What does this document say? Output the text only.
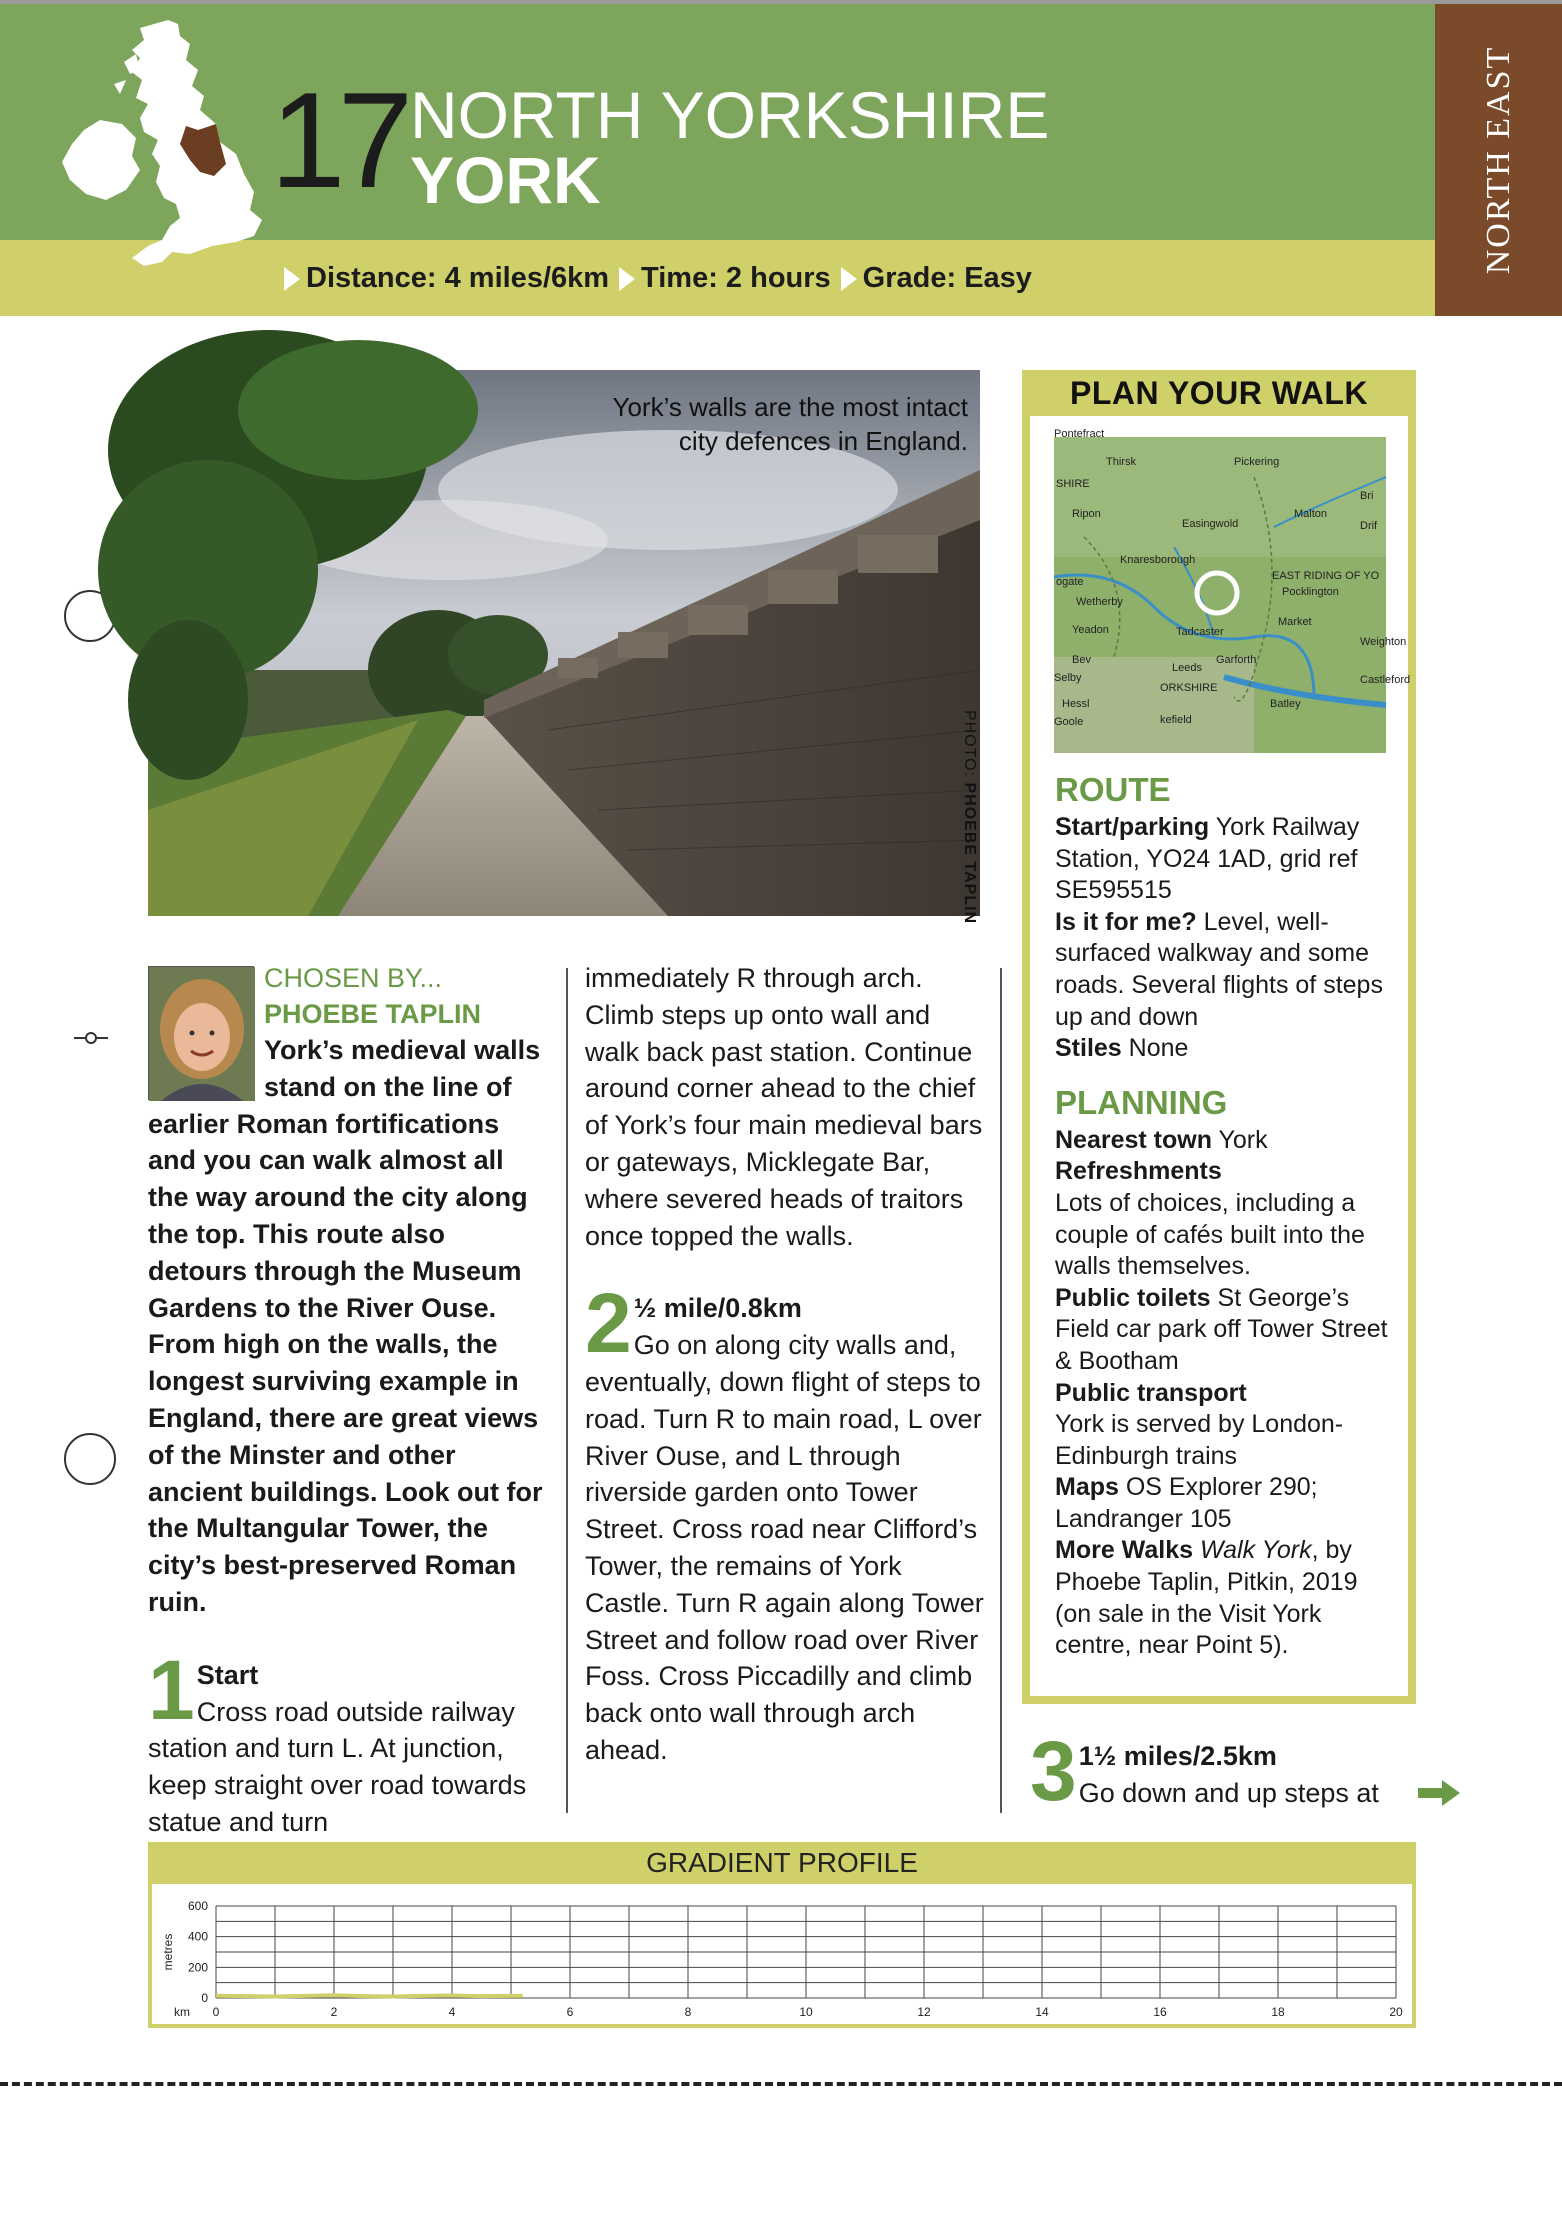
NORTH EAST
17 NORTH YORKSHIRE
YORK
Distance: 4 miles/6km Time: 2 hours Grade: Easy
York’s walls are the most intact
city defences in England.
PHOTO: PHOEBE TAPLIN
CHOSEN BY...
PHOEBE TAPLIN
York’s medieval walls stand on the line of earlier Roman fortifications and you can walk almost all the way around the city along the top. This route also detours through the Museum Gardens to the River Ouse. From high on the walls, the longest surviving example in England, there are great views of the Minster and other ancient buildings. Look out for the Multangular Tower, the city’s best-preserved Roman ruin.
1 Start
Cross road outside railway station and turn L. At junction, keep straight over road towards statue and turn
immediately R through arch. Climb steps up onto wall and walk back past station. Continue around corner ahead to the chief of York’s four main medieval bars or gateways, Micklegate Bar, where severed heads of traitors once topped the walls.
2 ½ mile/0.8km
Go on along city walls and, eventually, down flight of steps to road. Turn R to main road, L over River Ouse, and L through riverside garden onto Tower Street. Cross road near Clifford’s Tower, the remains of York Castle. Turn R again along Tower Street and follow road over River Foss. Cross Piccadilly and climb back onto wall through arch ahead.
PLAN YOUR WALK
Thirsk	Pickering
SHIRE
Ripon
Easingwold
Malton
Bri
Drif
ogate
Knaresborough
EAST RIDING OF YO
Wetherby
Pocklington
Yeadon	Tadcaster
Market
Weighton
Bev
Leeds
Garforth
Selby
ORKSHIRE
Castleford
Hessl	Batley
Goole	kefield
Pontefract
ROUTE
Start/parking York Railway Station, YO24 1AD, grid ref SE595515
Is it for me? Level, well-surfaced walkway and some roads. Several flights of steps up and down
Stiles None
PLANNING
Nearest town York
Refreshments
Lots of choices, including a couple of cafés built into the walls themselves.
Public toilets St George’s Field car park off Tower Street & Bootham
Public transport
York is served by London-Edinburgh trains
Maps OS Explorer 290; Landranger 105
More Walks Walk York, by Phoebe Taplin, Pitkin, 2019 (on sale in the Visit York centre, near Point 5).
3 1½ miles/2.5km
Go down and up steps at
GRADIENT PROFILE
0
200
400
600
0	2	4	6	8	10	12	14	16	18	20
km
metres
